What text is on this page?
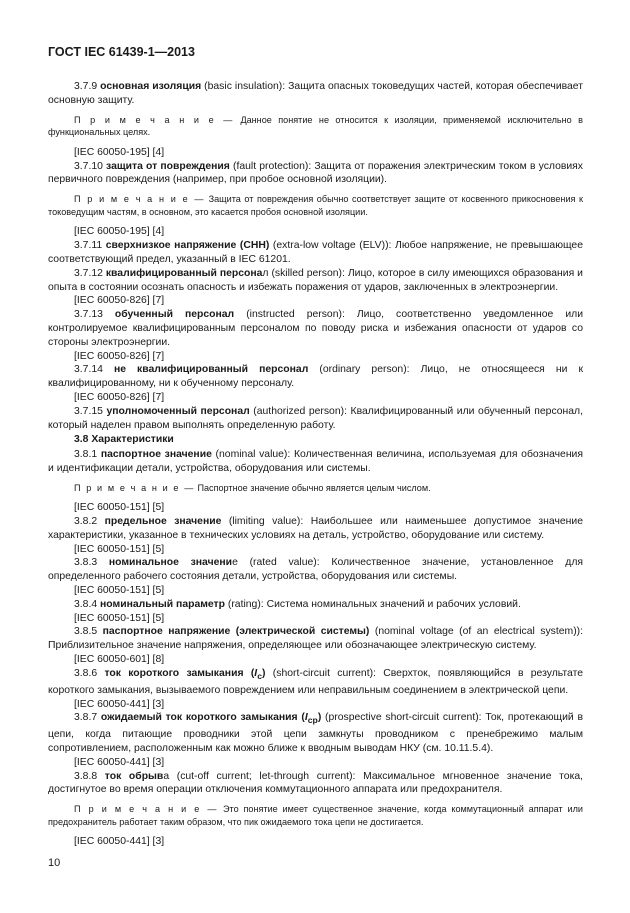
ГОСТ IEC 61439-1—2013

3.7.9 основная изоляция (basic insulation): Защита опасных токоведущих частей, которая обеспечивает основную защиту.

П р и м е ч а н и е — Данное понятие не относится к изоляции, применяемой исключительно в функциональных целях.

[IEC 60050-195] [4]

3.7.10 защита от повреждения (fault protection): Защита от поражения электрическим током в условиях первичного повреждения (например, при пробое основной изоляции).

П р и м е ч а н и е — Защита от повреждения обычно соответствует защите от косвенного прикосновения к токоведущим частям, в основном, это касается пробоя основной изоляции.

[IEC 60050-195] [4]

3.7.11 сверхнизкое напряжение (СНН) (extra-low voltage (ELV)): Любое напряжение, не превышающее соответствующий предел, указанный в IEC 61201.

3.7.12 квалифицированный персонал (skilled person): Лицо, которое в силу имеющихся образования и опыта в состоянии осознать опасность и избежать поражения от ударов, заключенных в электроэнергии.

[IEC 60050-826] [7]

3.7.13 обученный персонал (instructed person): Лицо, соответственно уведомленное или контролируемое квалифицированным персоналом по поводу риска и избежания опасности от ударов со стороны электроэнергии.

[IEC 60050-826] [7]

3.7.14 не квалифицированный персонал (ordinary person): Лицо, не относящееся ни к квалифицированному, ни к обученному персоналу.

[IEC 60050-826] [7]

3.7.15 уполномоченный персонал (authorized person): Квалифицированный или обученный персонал, который наделен правом выполнять определенную работу.

3.8 Характеристики

3.8.1 паспортное значение (nominal value): Количественная величина, используемая для обозначения и идентификации детали, устройства, оборудования или системы.

П р и м е ч а н и е — Паспортное значение обычно является целым числом.

[IEC 60050-151] [5]

3.8.2 предельное значение (limiting value): Наибольшее или наименьшее допустимое значение характеристики, указанное в технических условиях на деталь, устройство, оборудование или систему.

[IEC 60050-151] [5]

3.8.3 номинальное значение (rated value): Количественное значение, установленное для определенного рабочего состояния детали, устройства, оборудования или системы.

[IEC 60050-151] [5]

3.8.4 номинальный параметр (rating): Система номинальных значений и рабочих условий.

[IEC 60050-151] [5]

3.8.5 паспортное напряжение (электрической системы) (nominal voltage (of an electrical system)): Приблизительное значение напряжения, определяющее или обозначающее электрическую систему.

[IEC 60050-601] [8]

3.8.6 ток короткого замыкания $(I_c)$ (short-circuit current): Сверхток, появляющийся в результате короткого замыкания, вызываемого повреждением или неправильным соединением в электрической цепи.

[IEC 60050-441] [3]

3.8.7 ожидаемый ток короткого замыкания $(I_{cp})$ (prospective short-circuit current): Ток, протекающий в цепи, когда питающие проводники этой цепи замкнуты проводником с пренебрежимо малым сопротивлением, расположенным как можно ближе к вводным выводам НКУ (см. 10.11.5.4).

[IEC 60050-441] [3]

3.8.8 ток обрыва (cut-off current; let-through current): Максимальное мгновенное значение тока, достигнутое во время операции отключения коммутационного аппарата или предохранителя.

П р и м е ч а н и е — Это понятие имеет существенное значение, когда коммутационный аппарат или предохранитель работает таким образом, что пик ожидаемого тока цепи не достигается.

[IEC 60050-441] [3]

10
